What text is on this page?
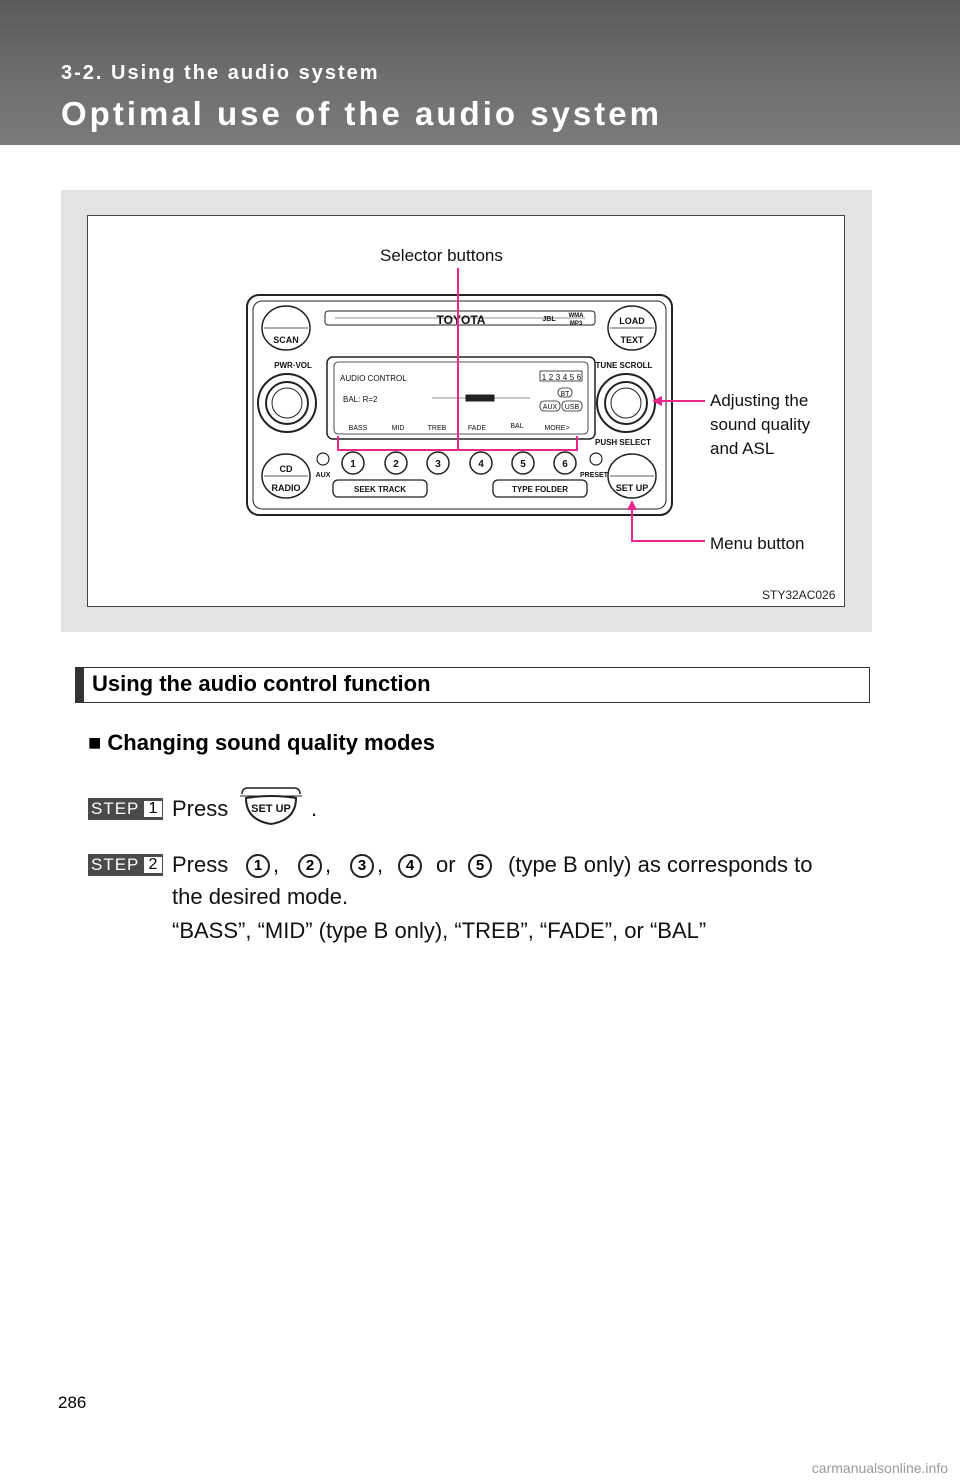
3-2. Using the audio system
Optimal use of the audio system
TOYOTA
SCAN
LOAD
TEXT
PWR·VOL	TUNE SCROLL
PUSH SELECT
CD
RADIO
AUX	PRESET
SET UP
SEEK TRACK	TYPE FOLDER
JBL WMA
MP3
1	2	3	4	5	6
AUDIO CONTROL
BAL: R=2
BASS	MID	TREB	FADE	BAL	MORE>
1 2 3 4 5 6
BT
AUX USB
Selector buttons
Adjusting the
sound quality
and ASL
Menu button
STY32AC026
Using the audio control function
■ Changing sound quality modes
STEP 1 Press SET UP .
STEP 2 Press	1 ,	2 ,	3 ,	4 or	5	(type B only) as corresponds to
the desired mode.
“BASS”, “MID” (type B only), “TREB”, “FADE”, or “BAL”
286
carmanualsonline.info
